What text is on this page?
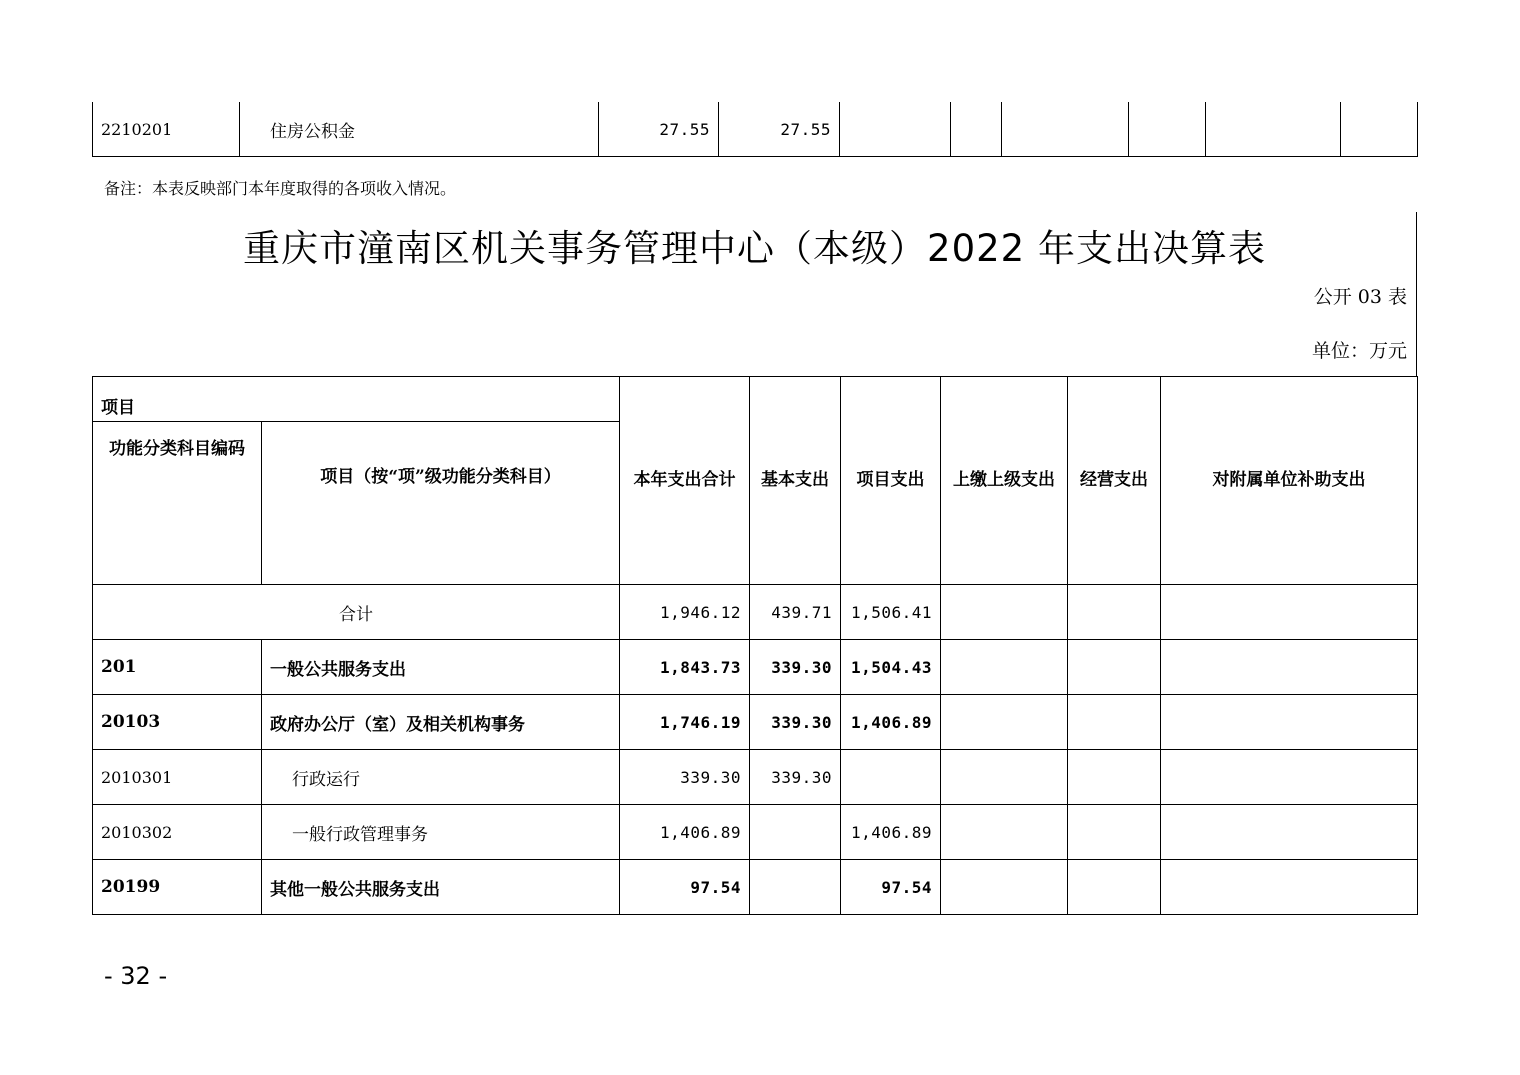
2210201	住房公积金	27.55	27.55						
备注：本表反映部门本年度取得的各项收入情况。
重庆市潼南区机关事务管理中心（本级）2022 年支出决算表
公开 03 表
单位：万元
项目		本年支出合计	基本支出	项目支出	上缴上级支出	经营支出	对附属单位补助支出
功能分类科目编码	项目（按“项”级功能分类科目）						
合计		1,946.12	439.71	1,506.41			
201	一般公共服务支出	1,843.73	339.30	1,504.43			
20103	政府办公厅（室）及相关机构事务	1,746.19	339.30	1,406.89			
2010301	行政运行	339.30	339.30				
2010302	一般行政管理事务	1,406.89		1,406.89			
20199	其他一般公共服务支出	97.54		97.54			
- 32 -
